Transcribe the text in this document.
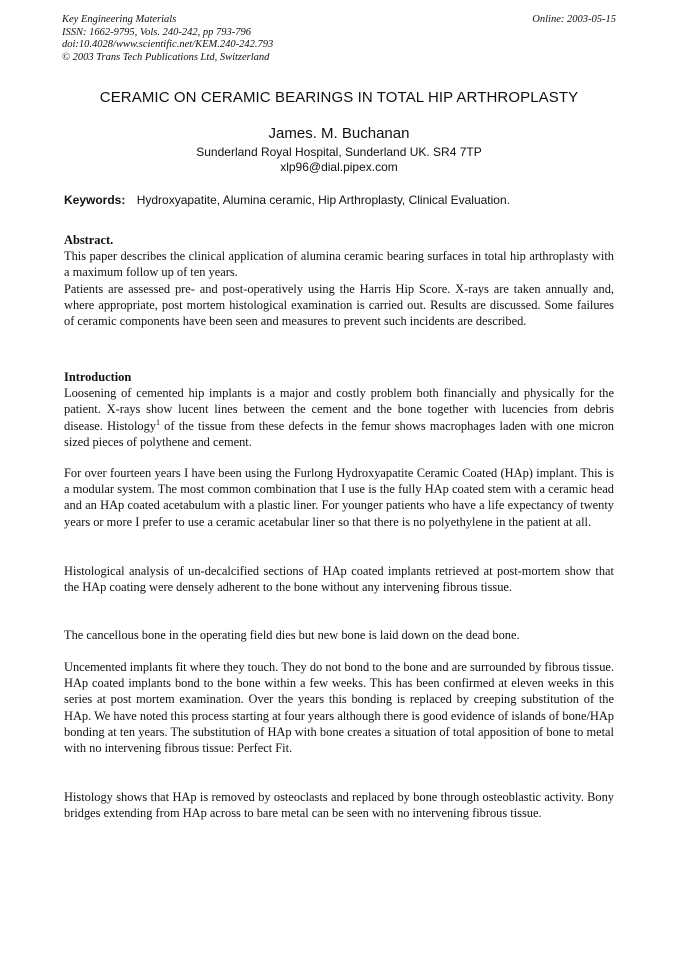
Key Engineering Materials
ISSN: 1662-9795, Vols. 240-242, pp 793-796
doi:10.4028/www.scientific.net/KEM.240-242.793
© 2003 Trans Tech Publications Ltd, Switzerland
Online: 2003-05-15
CERAMIC ON CERAMIC BEARINGS IN TOTAL HIP ARTHROPLASTY
James. M. Buchanan
Sunderland Royal Hospital, Sunderland UK. SR4 7TP
xlp96@dial.pipex.com
Keywords: Hydroxyapatite, Alumina ceramic, Hip Arthroplasty, Clinical Evaluation.

Abstract.

This paper describes the clinical application of alumina ceramic bearing surfaces in total hip arthroplasty with a maximum follow up of ten years.

Patients are assessed pre- and post-operatively using the Harris Hip Score. X-rays are taken annually and, where appropriate, post mortem histological examination is carried out. Results are discussed. Some failures of ceramic components have been seen and measures to prevent such incidents are described.

Introduction

Loosening of cemented hip implants is a major and costly problem both financially and physically for the patient. X-rays show lucent lines between the cement and the bone together with lucencies from debris disease. Histology$^1$ of the tissue from these defects in the femur shows macrophages laden with one micron sized pieces of polythene and cement.

For over fourteen years I have been using the Furlong Hydroxyapatite Ceramic Coated (HAp) implant. This is a modular system. The most common combination that I use is the fully HAp coated stem with a ceramic head and an HAp coated acetabulum with a plastic liner. For younger patients who have a life expectancy of twenty years or more I prefer to use a ceramic acetabular liner so that there is no polyethylene in the patient at all.
Histological analysis of un-decalcified sections of HAp coated implants retrieved at post-mortem show that the HAp coating were densely adherent to the bone without any intervening fibrous tissue.
The cancellous bone in the operating field dies but new bone is laid down on the dead bone.
Uncemented implants fit where they touch. They do not bond to the bone and are surrounded by fibrous tissue. HAp coated implants bond to the bone within a few weeks. This has been confirmed at eleven weeks in this series at post mortem examination. Over the years this bonding is replaced by creeping substitution of the HAp. We have noted this process starting at four years although there is good evidence of islands of bone/HAp bonding at ten years. The substitution of HAp with bone creates a situation of total apposition of bone to metal with no intervening fibrous tissue: Perfect Fit.
Histology shows that HAp is removed by osteoclasts and replaced by bone through osteoblastic activity. Bony bridges extending from HAp across to bare metal can be seen with no intervening fibrous tissue.
